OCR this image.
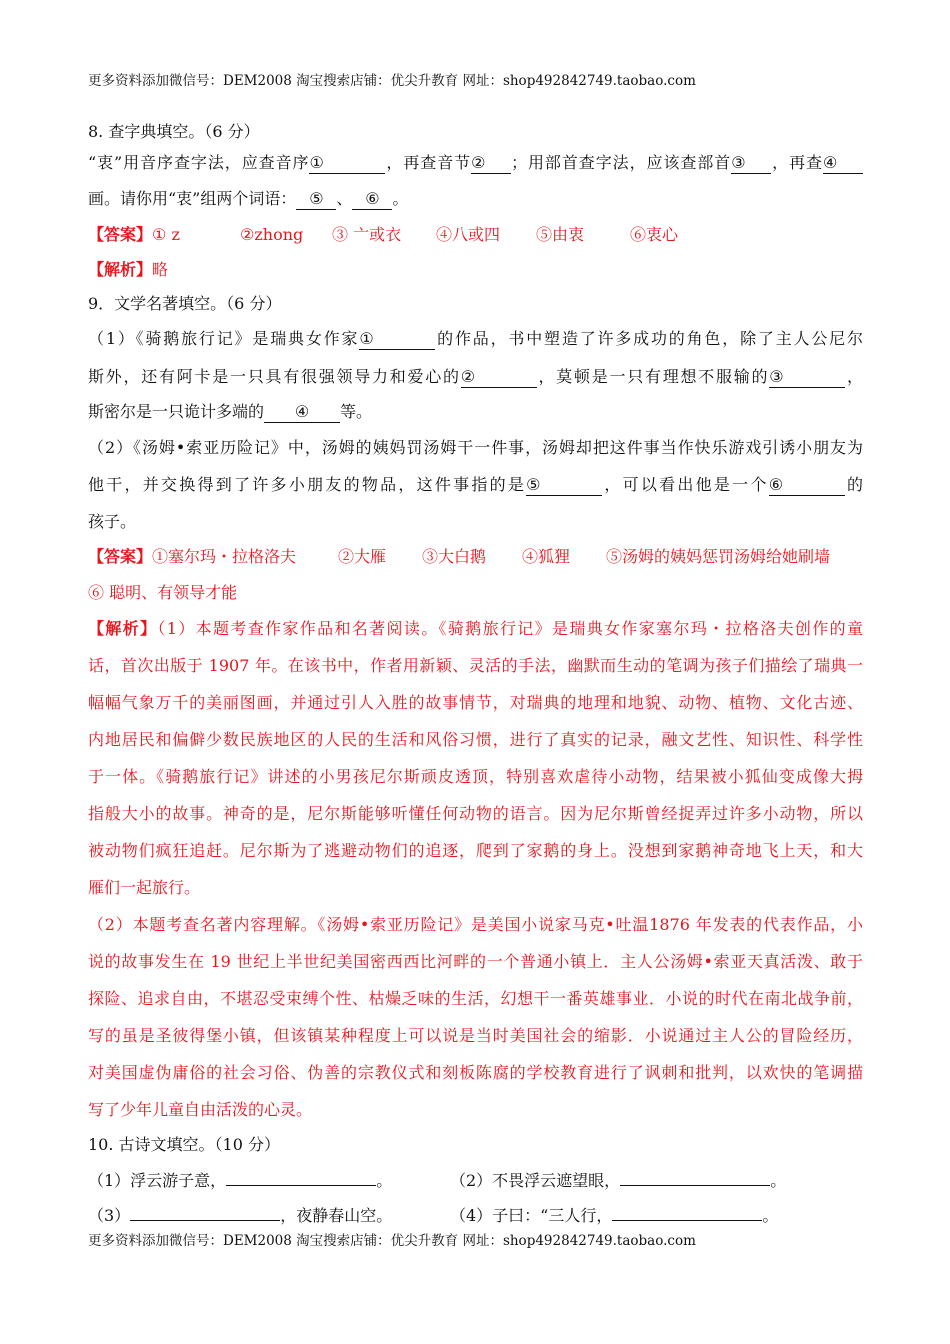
更多资料添加微信号：DEM2008 淘宝搜索店铺：优尖升教育 网址：shop492842749.taobao.com
8. 查字典填空。（6 分）
“衷”用音序查字法，应查音序①	，再查音节② ；用部首查字法，应该查部首③ ，再查④
画。请你用“衷”组两个词语： ⑤ 、 ⑥ 。
【答案】① z	②zhong ③ 亠或衣 ④八或四 ⑤由衷	⑥衷心
【解析】略
9．文学名著填空。（6 分）
（1）《骑鹅旅行记》是瑞典女作家①	的作品，书中塑造了许多成功的角色，除了主人公尼尔
斯外，还有阿卡是一只具有很强领导力和爱心的②	，莫顿是一只有理想不服输的③	，
斯密尔是一只诡计多端的 ④ 等。
（2）《汤姆•索亚历险记》中，汤姆的姨妈罚汤姆干一件事，汤姆却把这件事当作快乐游戏引诱小朋友为
他干，并交换得到了许多小朋友的物品，这件事指的是⑤	，可以看出他是一个⑥	的
孩子。
【答案】①塞尔玛・拉格洛夫	②大雁 ③大白鹅 ④狐狸 ⑤汤姆的姨妈惩罚汤姆给她刷墙
⑥ 聪明、有领导才能
【解析】（1）本题考查作家作品和名著阅读。《骑鹅旅行记》是瑞典女作家塞尔玛・拉格洛夫创作的童
话，首次出版于 1907 年。在该书中，作者用新颖、灵活的手法，幽默而生动的笔调为孩子们描绘了瑞典一
幅幅气象万千的美丽图画，并通过引人入胜的故事情节，对瑞典的地理和地貌、动物、植物、文化古迹、
内地居民和偏僻少数民族地区的人民的生活和风俗习惯，进行了真实的记录，融文艺性、知识性、科学性
于一体。《骑鹅旅行记》讲述的小男孩尼尔斯顽皮透顶，特别喜欢虐待小动物，结果被小狐仙变成像大拇
指般大小的故事。神奇的是，尼尔斯能够听懂任何动物的语言。因为尼尔斯曾经捉弄过许多小动物，所以
被动物们疯狂追赶。尼尔斯为了逃避动物们的追逐，爬到了家鹅的身上。没想到家鹅神奇地飞上天，和大
雁们一起旅行。
（2）本题考查名著内容理解。《汤姆•索亚历险记》是美国小说家马克•吐温1876 年发表的代表作品，小
说的故事发生在 19 世纪上半世纪美国密西西比河畔的一个普通小镇上．主人公汤姆•索亚天真活泼、敢于
探险、追求自由，不堪忍受束缚个性、枯燥乏味的生活，幻想干一番英雄事业．小说的时代在南北战争前，
写的虽是圣彼得堡小镇，但该镇某种程度上可以说是当时美国社会的缩影．小说通过主人公的冒险经历，
对美国虚伪庸俗的社会习俗、伪善的宗教仪式和刻板陈腐的学校教育进行了讽刺和批判，以欢快的笔调描
写了少年儿童自由活泼的心灵。
10. 古诗文填空。（10 分）
（1）浮云游子意，	。	（2）不畏浮云遮望眼，	。
（3）	，夜静春山空。	（4）子曰：“三人行，	。
更多资料添加微信号：DEM2008 淘宝搜索店铺：优尖升教育 网址：shop492842749.taobao.com
